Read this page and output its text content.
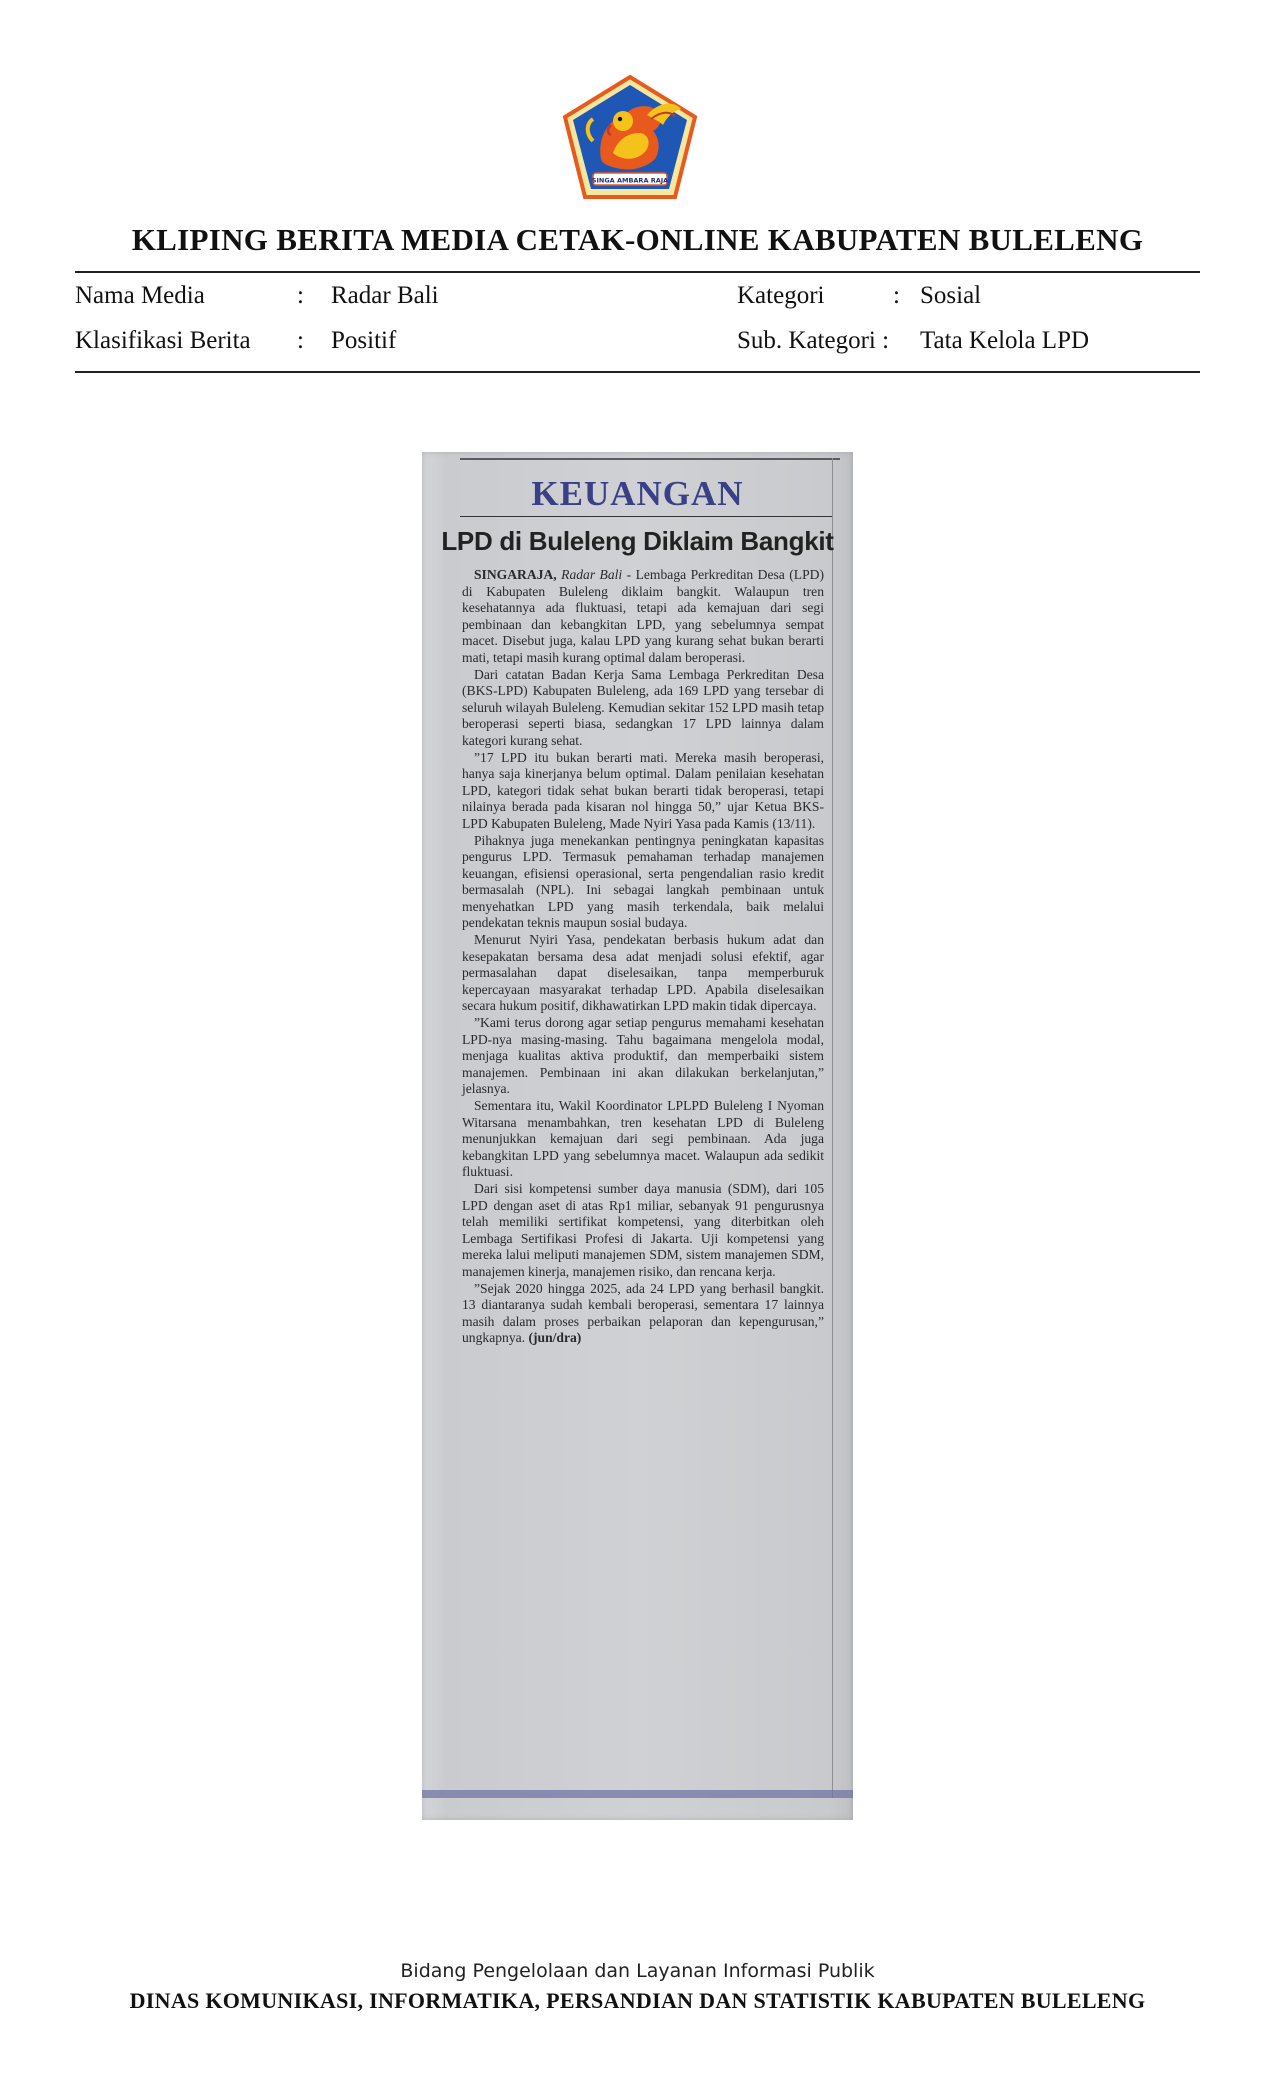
SINGA AMBARA RAJA
KLIPING BERITA MEDIA CETAK-ONLINE KABUPATEN BULELENG
Nama Media	: Radar Bali	Kategori	: Sosial
Klasifikasi Berita : Positif	Sub. Kategori : Tata Kelola LPD
KEUANGAN
LPD di Buleleng Diklaim Bangkit

SINGARAJA, Radar Bali - Lembaga Perkreditan Desa (LPD) di Kabupaten Buleleng diklaim bangkit. Walaupun tren kesehatannya ada fluktuasi, tetapi ada kemajuan dari segi pembinaan dan kebangkitan LPD, yang sebelumnya sempat macet. Disebut juga, kalau LPD yang kurang sehat bukan berarti mati, tetapi masih kurang optimal dalam beroperasi.

Dari catatan Badan Kerja Sama Lembaga Perkreditan Desa (BKS-LPD) Kabupaten Buleleng, ada 169 LPD yang tersebar di seluruh wilayah Buleleng. Kemudian sekitar 152 LPD masih tetap beroperasi seperti biasa, sedangkan 17 LPD lainnya dalam kategori kurang sehat.

”17 LPD itu bukan berarti mati. Mereka masih beroperasi, hanya saja kinerjanya belum optimal. Dalam penilaian kesehatan LPD, kategori tidak sehat bukan berarti tidak beroperasi, tetapi nilainya berada pada kisaran nol hingga 50,” ujar Ketua BKS-LPD Kabupaten Buleleng, Made Nyiri Yasa pada Kamis (13/11).

Pihaknya juga menekankan pentingnya peningkatan kapasitas pengurus LPD. Termasuk pemahaman terhadap manajemen keuangan, efisiensi operasional, serta pengendalian rasio kredit bermasalah (NPL). Ini sebagai langkah pembinaan untuk menyehatkan LPD yang masih terkendala, baik melalui pendekatan teknis maupun sosial budaya.

Menurut Nyiri Yasa, pendekatan berbasis hukum adat dan kesepakatan bersama desa adat menjadi solusi efektif, agar permasalahan dapat diselesaikan, tanpa memperburuk kepercayaan masyarakat terhadap LPD. Apabila diselesaikan secara hukum positif, dikhawatirkan LPD makin tidak dipercaya.

”Kami terus dorong agar setiap pengurus memahami kesehatan LPD-nya masing-masing. Tahu bagaimana mengelola modal, menjaga kualitas aktiva produktif, dan memperbaiki sistem manajemen. Pembinaan ini akan dilakukan berkelanjutan,” jelasnya.

Sementara itu, Wakil Koordinator LPLPD Buleleng I Nyoman Witarsana menambahkan, tren kesehatan LPD di Buleleng menunjukkan kemajuan dari segi pembinaan. Ada juga kebangkitan LPD yang sebelumnya macet. Walaupun ada sedikit fluktuasi.

Dari sisi kompetensi sumber daya manusia (SDM), dari 105 LPD dengan aset di atas Rp1 miliar, sebanyak 91 pengurusnya telah memiliki sertifikat kompetensi, yang diterbitkan oleh Lembaga Sertifikasi Profesi di Jakarta. Uji kompetensi yang mereka lalui meliputi manajemen SDM, sistem manajemen SDM, manajemen kinerja, manajemen risiko, dan rencana kerja.

”Sejak 2020 hingga 2025, ada 24 LPD yang berhasil bangkit. 13 diantaranya sudah kembali beroperasi, sementara 17 lainnya masih dalam proses perbaikan pelaporan dan kepengurusan,” ungkapnya. (jun/dra)

Bidang Pengelolaan dan Layanan Informasi Publik
DINAS KOMUNIKASI, INFORMATIKA, PERSANDIAN DAN STATISTIK KABUPATEN BULELENG
